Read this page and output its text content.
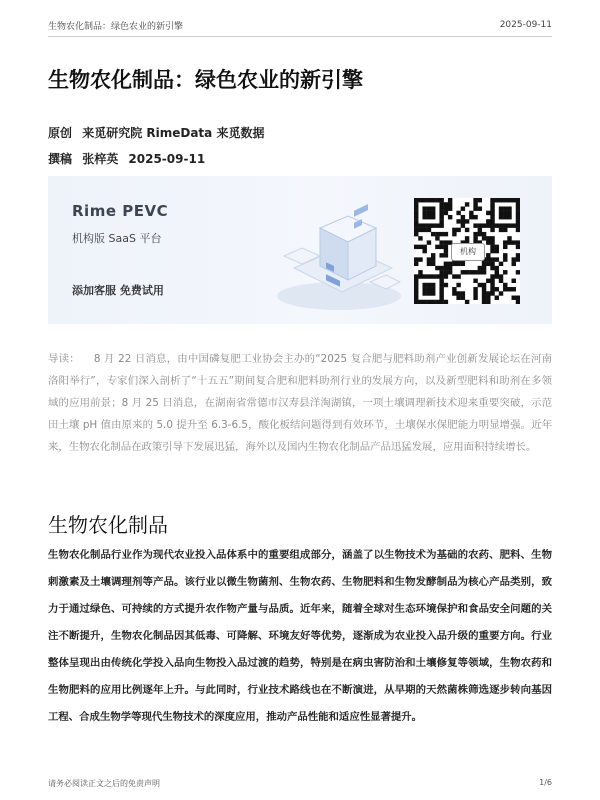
生物农化制品：绿色农业的新引擎	2025-09-11
生物农化制品：绿色农业的新引擎
原创 来觅研究院 RimeData 来觅数据
撰稿 张梓英 2025-09-11
Rime PEVC
机构版 SaaS 平台
添加客服 免费试用
机构

导读： 8 月 22 日消息，由中国磷复肥工业协会主办的“2025 复合肥与肥料助剂产业创新发展论坛在河南洛阳举行”，专家们深入剖析了“十五五”期间复合肥和肥料助剂行业的发展方向，以及新型肥料和助剂在多领域的应用前景；8 月 25 日消息，在湖南省常德市汉寿县洋淘湖镇，一项土壤调理新技术迎来重要突破，示范田土壤 pH 值由原来的 5.0 提升至 6.3-6.5，酸化板结问题得到有效环节，土壤保水保肥能力明显增强。近年来，生物农化制品在政策引导下发展迅猛，海外以及国内生物农化制品产品迅猛发展，应用面积持续增长。

生物农化制品

生物农化制品行业作为现代农业投入品体系中的重要组成部分，涵盖了以生物技术为基础的农药、肥料、生物刺激素及土壤调理剂等产品。该行业以微生物菌剂、生物农药、生物肥料和生物发酵制品为核心产品类别，致力于通过绿色、可持续的方式提升农作物产量与品质。近年来，随着全球对生态环境保护和食品安全问题的关注不断提升，生物农化制品因其低毒、可降解、环境友好等优势，逐渐成为农业投入品升级的重要方向。行业整体呈现出由传统化学投入品向生物投入品过渡的趋势，特别是在病虫害防治和土壤修复等领域，生物农药和生物肥料的应用比例逐年上升。与此同时，行业技术路线也在不断演进，从早期的天然菌株筛选逐步转向基因工程、合成生物学等现代生物技术的深度应用，推动产品性能和适应性显著提升。

请务必阅读正文之后的免责声明	1/6
